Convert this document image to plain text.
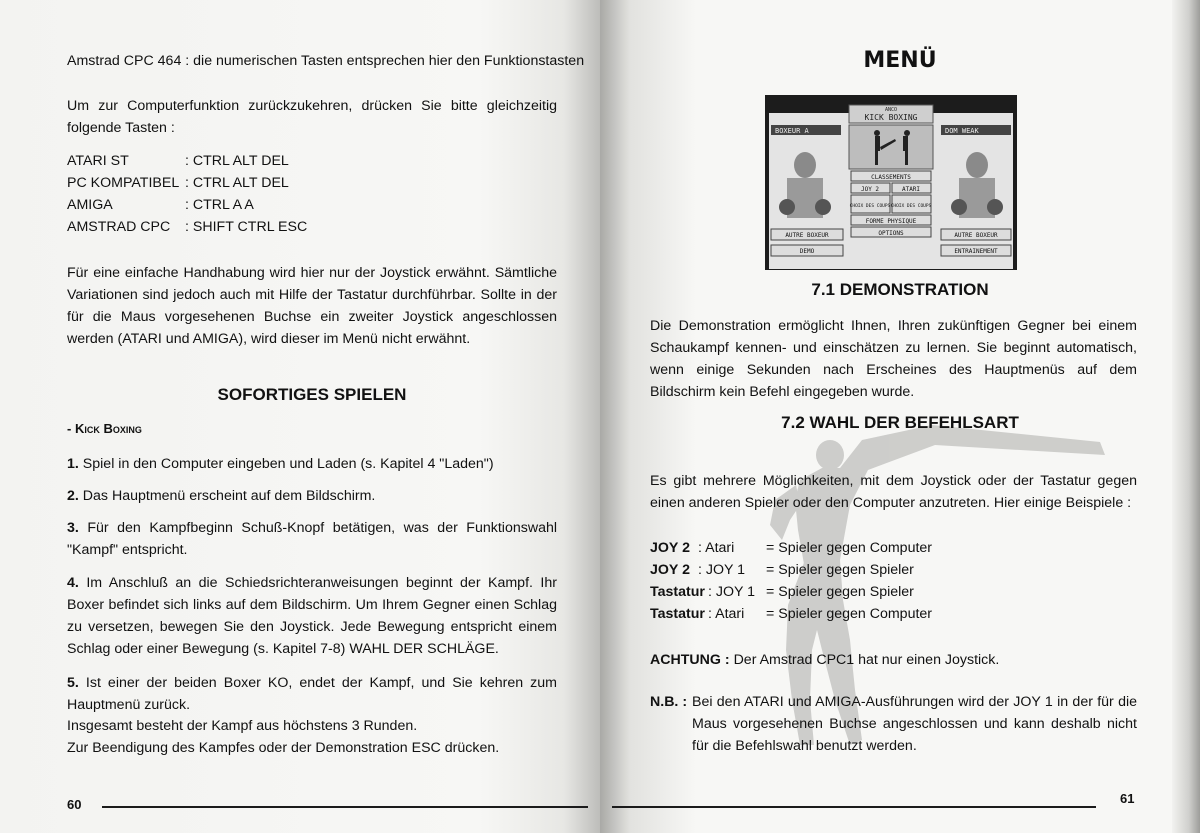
Amstrad CPC 464 : die numerischen Tasten entsprechen hier den Funktionstasten
Um zur Computerfunktion zurückzukehren, drücken Sie bitte gleichzeitig folgende Tasten :
ATARI ST	: CTRL ALT DEL
PC KOMPATIBEL : CTRL ALT DEL
AMIGA	: CTRL A A
AMSTRAD CPC : SHIFT CTRL ESC
Für eine einfache Handhabung wird hier nur der Joystick erwähnt. Sämtliche Variationen sind jedoch auch mit Hilfe der Tastatur durchführbar. Sollte in der für die Maus vorgesehenen Buchse ein zweiter Joystick angeschlossen werden (ATARI und AMIGA), wird dieser im Menü nicht erwähnt.
SOFORTIGES SPIELEN
- Kick Boxing
1. Spiel in den Computer eingeben und Laden (s. Kapitel 4 "Laden")
2. Das Hauptmenü erscheint auf dem Bildschirm.
3. Für den Kampfbeginn Schuß-Knopf betätigen, was der Funktionswahl "Kampf" entspricht.
4. Im Anschluß an die Schiedsrichteranweisungen beginnt der Kampf. Ihr Boxer befindet sich links auf dem Bildschirm. Um Ihrem Gegner einen Schlag zu versetzen, bewegen Sie den Joystick. Jede Bewegung entspricht einem Schlag oder einer Bewegung (s. Kapitel 7-8) WAHL DER SCHLÄGE.
5. Ist einer der beiden Boxer KO, endet der Kampf, und Sie kehren zum Hauptmenü zurück.
Insgesamt besteht der Kampf aus höchstens 3 Runden.
Zur Beendigung des Kampfes oder der Demonstration ESC drücken.
60
MENÜ
ANCO
KICK BOXING
BOXEUR A	DOM WEAK
CLASSEMENTS
JOY 2	ATARI
CHOIX DES COUPS CHOIX DES COUPS
FORME PHYSIQUE
OPTIONS
AUTRE BOXEUR	AUTRE BOXEUR
DEMO	ENTRAINEMENT
7.1 DEMONSTRATION
Die Demonstration ermöglicht Ihnen, Ihren zukünftigen Gegner bei einem Schaukampf kennen- und einschätzen zu lernen. Sie beginnt automatisch, wenn einige Sekunden nach Erscheines des Hauptmenüs auf dem Bildschirm kein Befehl eingegeben wurde.
7.2 WAHL DER BEFEHLSART
Es gibt mehrere Möglichkeiten, mit dem Joystick oder der Tastatur gegen einen anderen Spieler oder den Computer anzutreten. Hier einige Beispiele :
JOY 2 : Atari = Spieler gegen Computer
JOY 2 : JOY 1 = Spieler gegen Spieler
Tastatur : JOY 1 = Spieler gegen Spieler
Tastatur : Atari = Spieler gegen Computer
ACHTUNG : Der Amstrad CPC1 hat nur einen Joystick.
N.B. : Bei den ATARI und AMIGA-Ausführungen wird der JOY 1 in der für die Maus vorgesehenen Buchse angeschlossen und kann deshalb nicht für die Befehlswahl benutzt werden.
61
